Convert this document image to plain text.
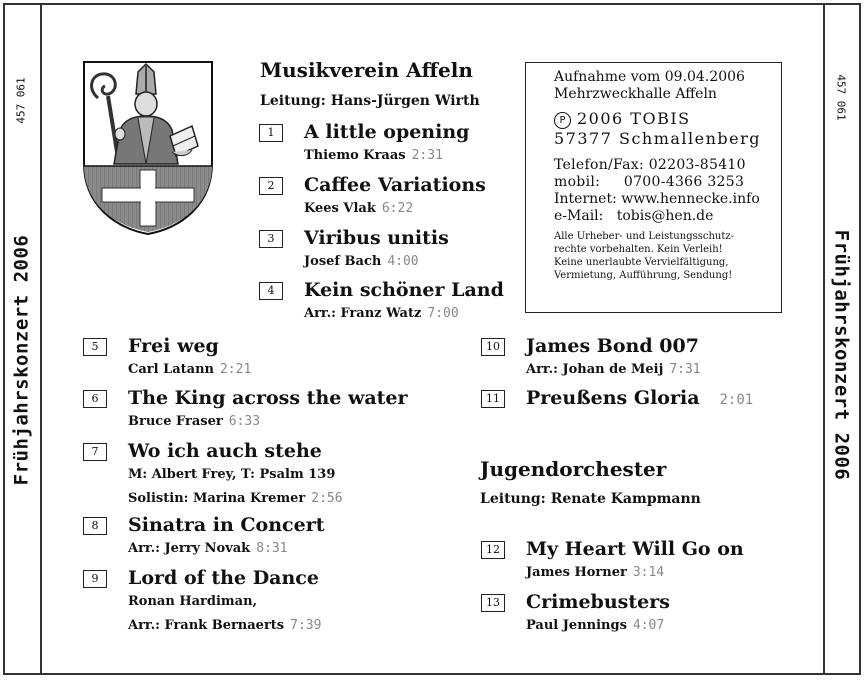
457 061
Frühjahrskonzert 2006
457 061
Frühjahrskonzert 2006
Musikverein Affeln
Leitung: Hans-Jürgen Wirth
Jugendorchester
Leitung: Renate Kampmann
1	A little opening
Thiemo Kraas 2:31
2	Caffee Variations
Kees Vlak 6:22
3	Viribus unitis
Josef Bach 4:00
4	Kein schöner Land
Arr.: Franz Watz 7:00
5	Frei weg
Carl Latann 2:21
6	The King across the water
Bruce Fraser 6:33
7	Wo ich auch stehe
M: Albert Frey, T: Psalm 139
Solistin: Marina Kremer 2:56
8	Sinatra in Concert
Arr.: Jerry Novak 8:31
9	Lord of the Dance
Ronan Hardiman,
Arr.: Frank Bernaerts 7:39
10 James Bond 007
Arr.: Johan de Meij 7:31
11 Preußens Gloria 2:01
12 My Heart Will Go on
James Horner 3:14
13 Crimebusters
Paul Jennings 4:07
Aufnahme vom 09.04.2006
Mehrzweckhalle Affeln
P 2006 TOBIS
57377 Schmallenberg
Telefon/Fax: 02203-85410
mobil:     0700-4366 3253
Internet: www.hennecke.info
e-Mail:   tobis@hen.de
Alle Urheber- und Leistungsschutz-
rechte vorbehalten. Kein Verleih!
Keine unerlaubte Vervielfältigung,
Vermietung, Aufführung, Sendung!
